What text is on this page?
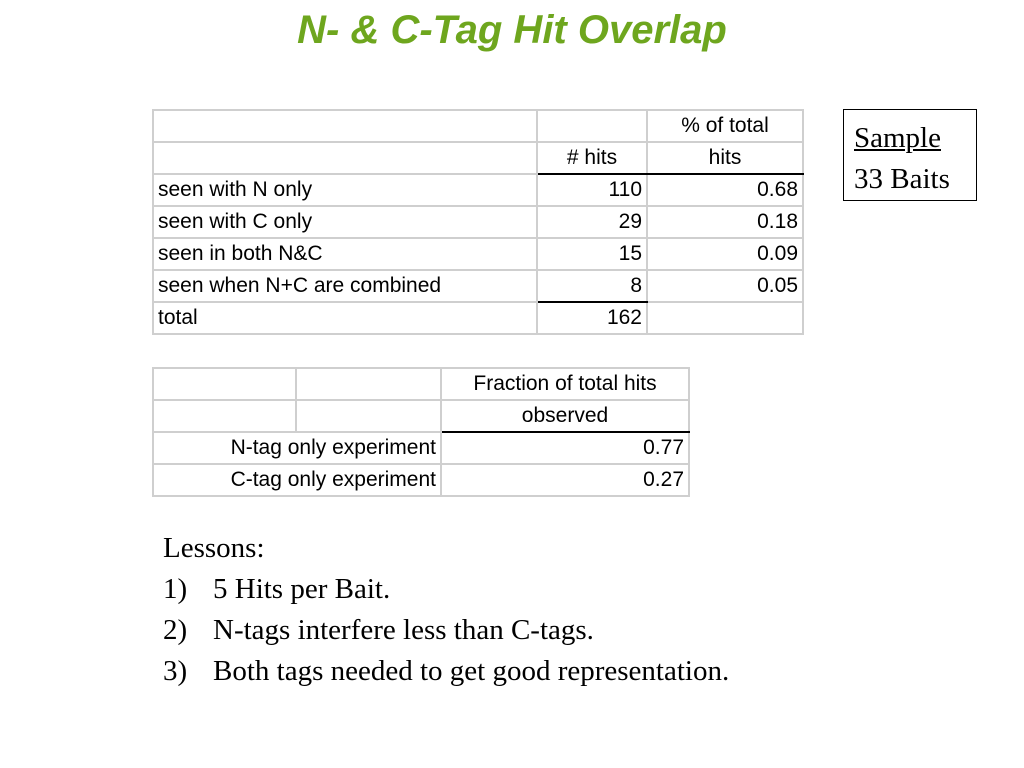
N- & C-Tag Hit Overlap
		% of total
	# hits	hits
seen with N only	110	0.68
seen with C only	29	0.18
seen in both N&C	15	0.09
seen when N+C are combined	8	0.05
total	162	
Sample
33 Baits
		Fraction of total hits
		observed
N-tag only experiment		0.77
C-tag only experiment		0.27
Lessons:
1) 5 Hits per Bait.
2) N-tags interfere less than C-tags.
3) Both tags needed to get good representation.
